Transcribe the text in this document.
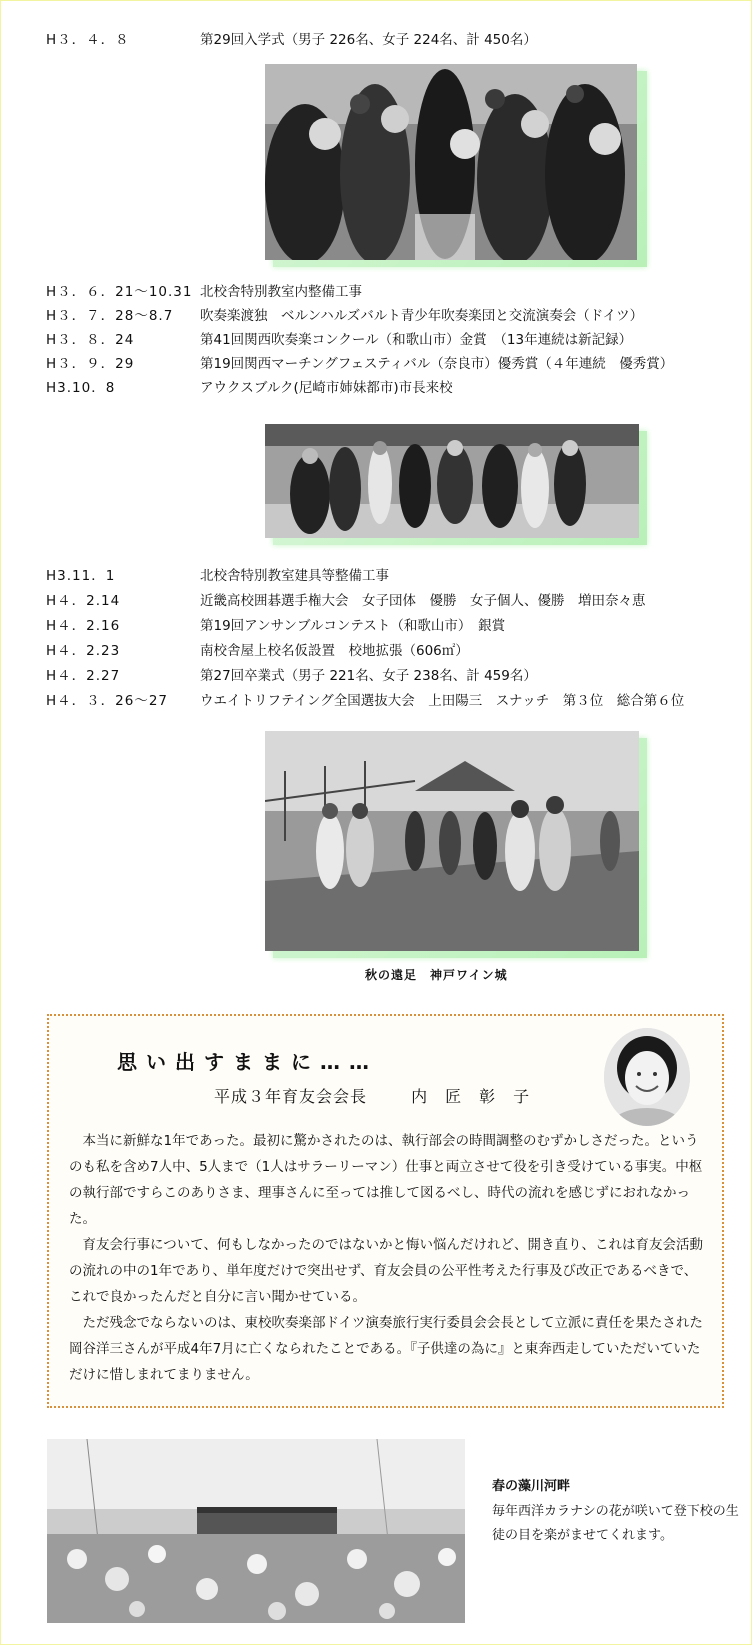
H３．４．８	第29回入学式（男子 226名、女子 224名、計 450名）
H３．６．21〜10.31 北校舎特別教室内整備工事
H３．７．28〜8.7 吹奏楽渡独　ベルンハルズバルト青少年吹奏楽団と交流演奏会（ドイツ）
H３．８．24	第41回関西吹奏楽コンクール（和歌山市）金賞　（13年連続は新記録）
H３．９．29	第19回関西マーチングフェスティバル（奈良市）優秀賞（４年連続　優秀賞）
H3.10．8	アウクスブルク(尼崎市姉妹都市)市長来校
H3.11．1	北校舎特別教室建具等整備工事
H４．2.14	近畿高校囲碁選手権大会　女子団体　優勝　女子個人、優勝　増田奈々恵
H４．2.16	第19回アンサンブルコンテスト（和歌山市）　銀賞
H４．2.23	南校舎屋上校名仮設置　校地拡張（606㎡）
H４．2.27	第27回卒業式（男子 221名、女子 238名、計 459名）
H４．３．26〜27 ウエイトリフテイング全国選抜大会　上田陽三　スナッチ　第３位　総合第６位
秋の遠足　神戸ワイン城
思い出すままに……
平成３年育友会会長	内匠彰子

本当に新鮮な1年であった。最初に驚かされたのは、執行部会の時間調整のむずかしさだった。というのも私を含め7人中、5人まで（1人はサラーリーマン）仕事と両立させて役を引き受けている事実。中枢の執行部ですらこのありさま、理事さんに至っては推して図るべし、時代の流れを感じずにおれなかった。

育友会行事について、何もしなかったのではないかと悔い悩んだけれど、開き直り、これは育友会活動の流れの中の1年であり、単年度だけで突出せず、育友会員の公平性考えた行事及び改正であるべきで、これで良かったんだと自分に言い聞かせている。

ただ残念でならないのは、東校吹奏楽部ドイツ演奏旅行実行委員会会長として立派に責任を果たされた岡谷洋三さんが平成4年7月に亡くなられたことである。『子供達の為に』と東奔西走していただいていただけに惜しまれてまりません。

春の藻川河畔
毎年西洋カラナシの花が咲いて登下校の生徒の目を楽がませてくれます。
